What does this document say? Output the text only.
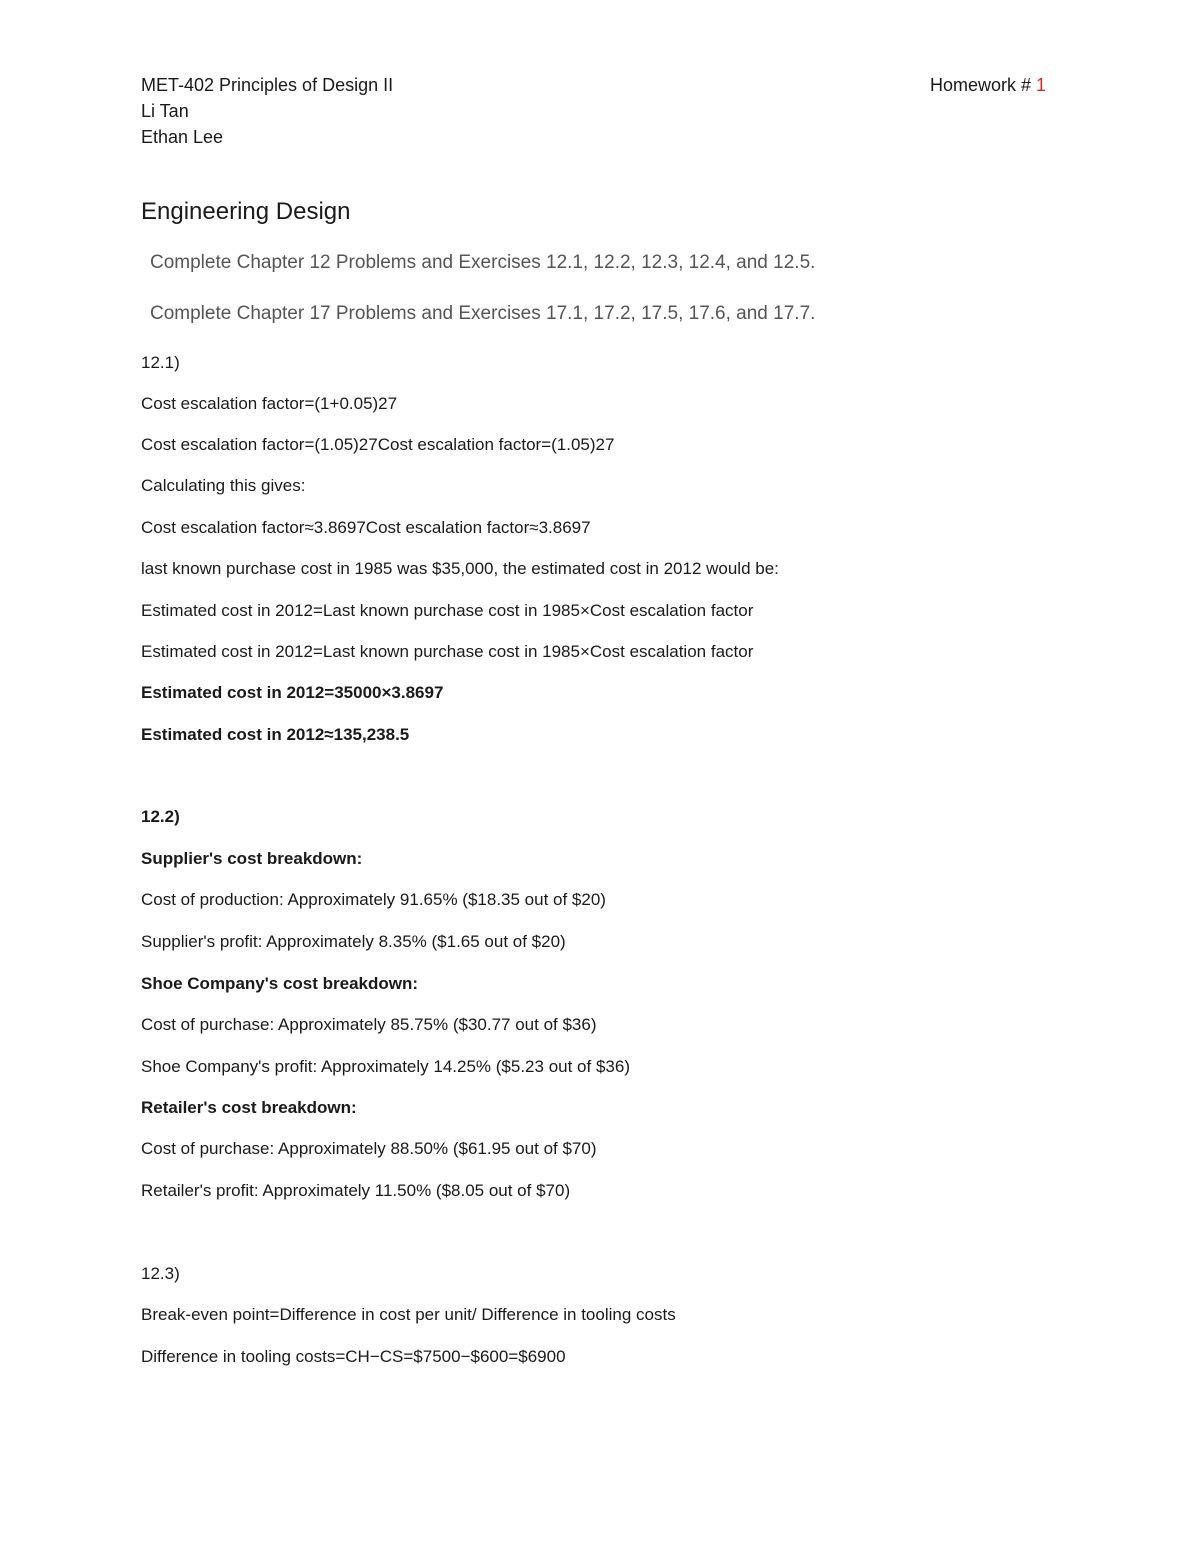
MET-402 Principles of Design II	Homework # 1
Li Tan
Ethan Lee
Engineering Design
Complete Chapter 12 Problems and Exercises 12.1, 12.2, 12.3, 12.4, and 12.5.
Complete Chapter 17 Problems and Exercises 17.1, 17.2, 17.5, 17.6, and 17.7.
12.1)
Cost escalation factor=(1+0.05)27
Cost escalation factor=(1.05)27Cost escalation factor=(1.05)27
Calculating this gives:
Cost escalation factor≈3.8697Cost escalation factor≈3.8697
last known purchase cost in 1985 was $35,000, the estimated cost in 2012 would be:
Estimated cost in 2012=Last known purchase cost in 1985×Cost escalation factor
Estimated cost in 2012=Last known purchase cost in 1985×Cost escalation factor
Estimated cost in 2012=35000×3.8697
Estimated cost in 2012≈135,238.5
12.2)
Supplier's cost breakdown:
Cost of production: Approximately 91.65% ($18.35 out of $20)
Supplier's profit: Approximately 8.35% ($1.65 out of $20)
Shoe Company's cost breakdown:
Cost of purchase: Approximately 85.75% ($30.77 out of $36)
Shoe Company's profit: Approximately 14.25% ($5.23 out of $36)
Retailer's cost breakdown:
Cost of purchase: Approximately 88.50% ($61.95 out of $70)
Retailer's profit: Approximately 11.50% ($8.05 out of $70)
12.3)
Break-even point=Difference in cost per unit/ Difference in tooling costs
Difference in tooling costs=CH−CS=$7500−$600=$6900
